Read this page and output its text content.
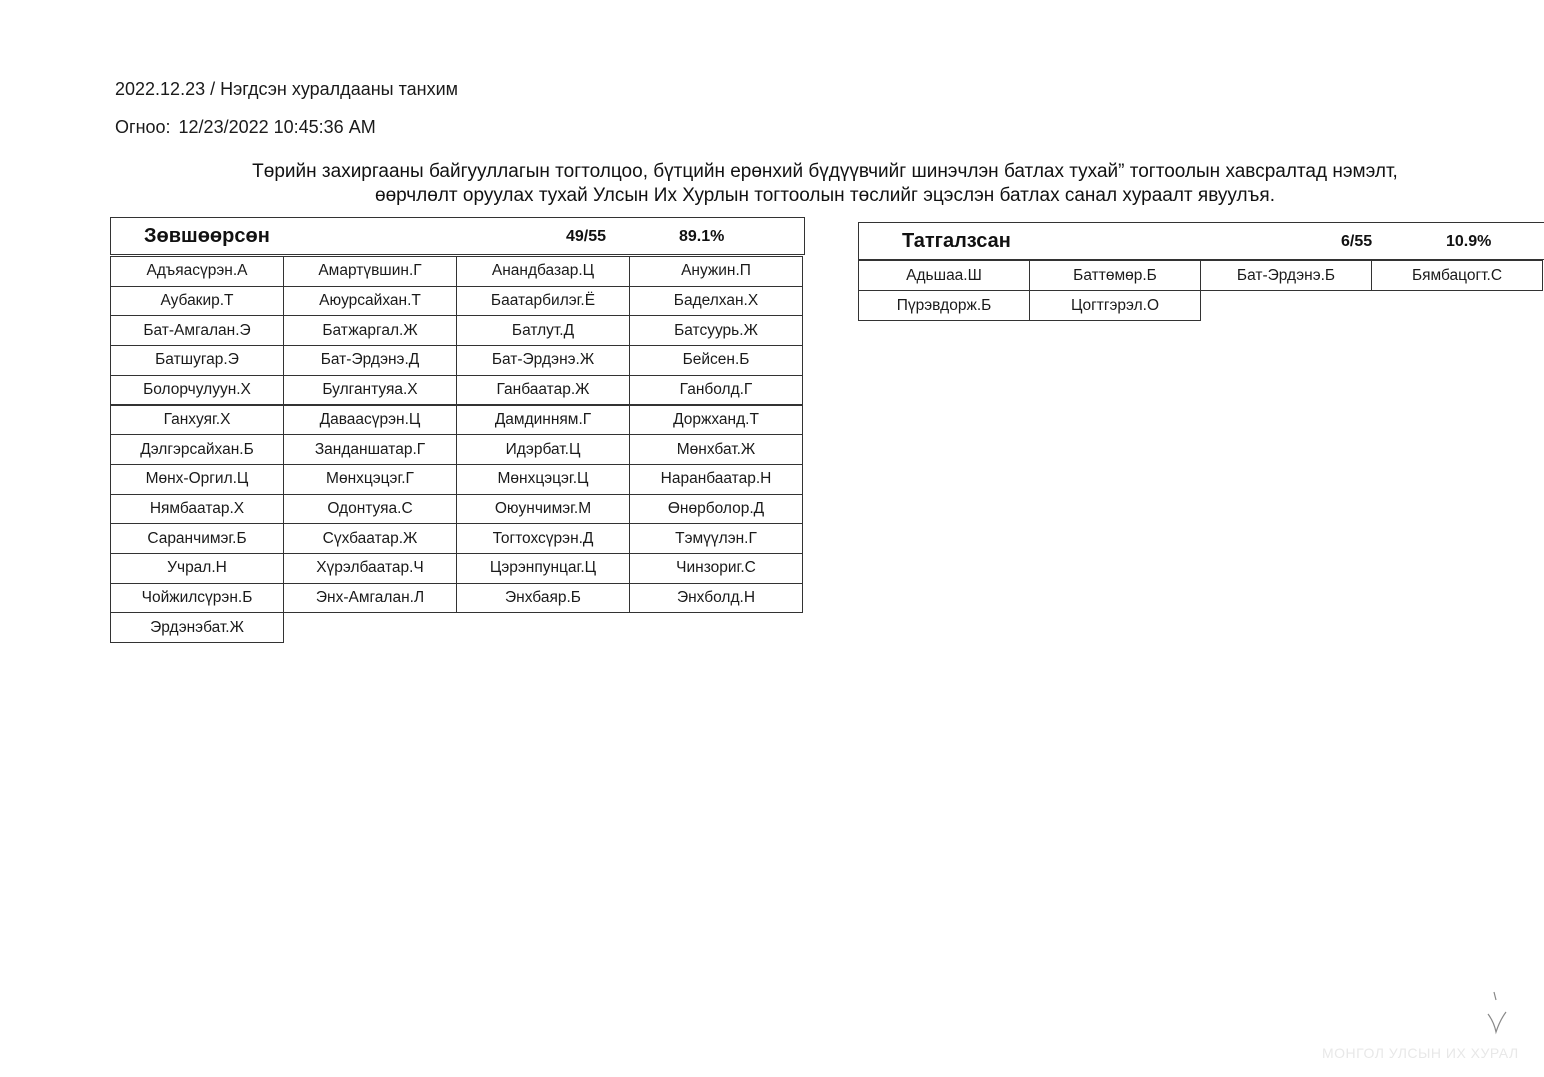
2022.12.23 / Нэгдсэн хуралдааны танхим
Огноо: 12/23/2022 10:45:36 AM
Төрийн захиргааны байгууллагын тогтолцоо, бүтцийн ерөнхий бүдүүвчийг шинэчлэн батлах тухай” тогтоолын хавсралтад нэмэлт,
өөрчлөлт оруулах тухай Улсын Их Хурлын тогтоолын төслийг эцэслэн батлах санал хураалт явуулъя.
Зөвшөөрсөн	49/55	89.1%
Адъяасүрэн.А	Амартүвшин.Г	Анандбазар.Ц	Анужин.П
Аубакир.Т	Аюурсайхан.Т	Баатарбилэг.Ё	Баделхан.Х
Бат-Амгалан.Э	Батжаргал.Ж	Батлут.Д	Батсуурь.Ж
Батшугар.Э	Бат-Эрдэнэ.Д	Бат-Эрдэнэ.Ж	Бейсен.Б
Болорчулуун.Х	Булгантуяа.Х	Ганбаатар.Ж	Ганболд.Г
Ганхуяг.Х	Даваасүрэн.Ц	Дамдинням.Г	Доржханд.Т
Дэлгэрсайхан.Б	Занданшатар.Г	Идэрбат.Ц	Мөнхбат.Ж
Мөнх-Оргил.Ц	Мөнхцэцэг.Г	Мөнхцэцэг.Ц	Наранбаатар.Н
Нямбаатар.Х	Одонтуяа.С	Оюунчимэг.М	Өнөрболор.Д
Саранчимэг.Б	Сүхбаатар.Ж	Тогтохсүрэн.Д	Тэмүүлэн.Г
Учрал.Н	Хүрэлбаатар.Ч	Цэрэнпунцаг.Ц	Чинзориг.С
Чойжилсүрэн.Б	Энх-Амгалан.Л	Энхбаяр.Б	Энхболд.Н
Эрдэнэбат.Ж
Татгалзсан	6/55	10.9%
Адьшаа.Ш	Баттөмөр.Б	Бат-Эрдэнэ.Б	Бямбацогт.С
Пүрэвдорж.Б	Цогтгэрэл.О
МОНГОЛ УЛСЫН ИХ ХУРАЛ
